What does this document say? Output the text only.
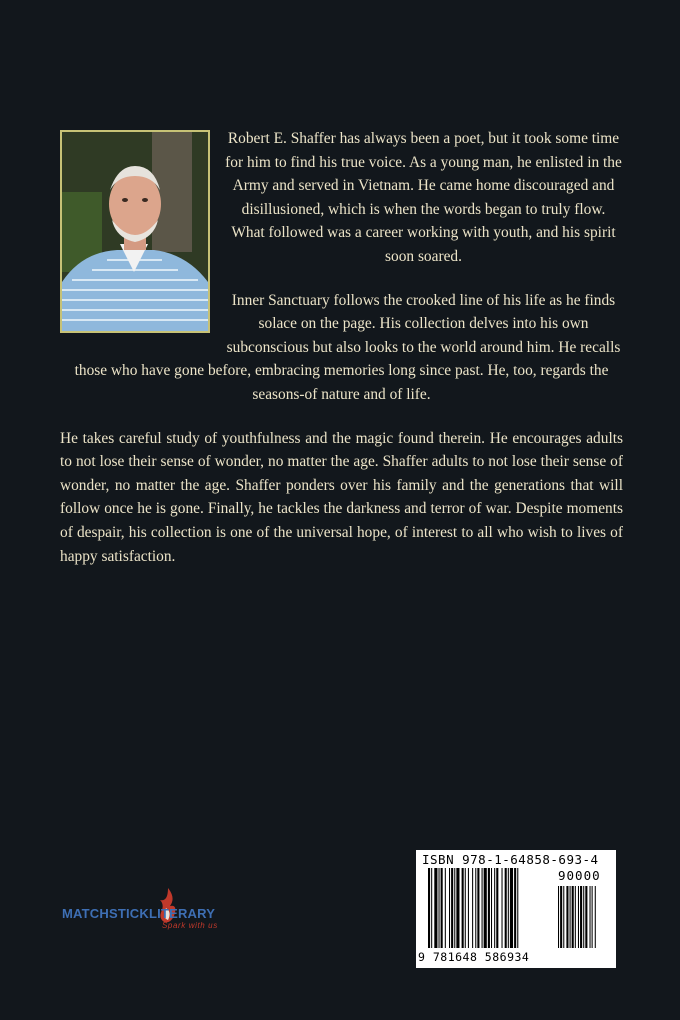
Robert E. Shaffer has always been a poet, but it took some time for him to find his true voice. As a young man, he enlisted in the Army and served in Vietnam. He came home discouraged and disillusioned, which is when the words began to truly flow. What followed was a career working with youth, and his spirit soon soared.

Inner Sanctuary follows the crooked line of his life as he finds solace on the page. His collection delves into his own subconscious but also looks to the world around him. He recalls those who have gone before, embracing memories long since past. He, too, regards the seasons-of nature and of life.

He takes careful study of youthfulness and the magic found therein. He encourages adults to not lose their sense of wonder, no matter the age. Shaffer adults to not lose their sense of wonder, no matter the age. Shaffer ponders over his family and the generations that will follow once he is gone. Finally, he tackles the darkness and terror of war. Despite moments of despair, his collection is one of the universal hope, of interest to all who wish to lives of happy satisfaction.

MATCHSTICKLITERARY
Spark with us
ISBN 978-1-64858-693-4
90000
9 781648 586934
